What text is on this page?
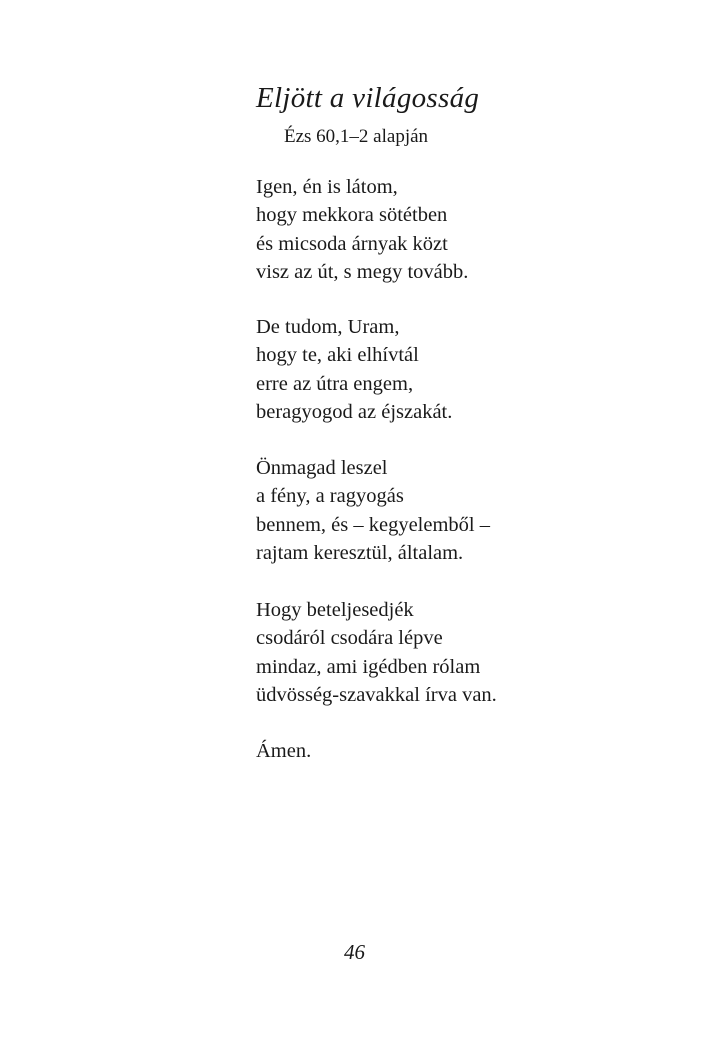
Eljött a világosság
Ézs 60,1–2 alapján
Igen, én is látom,
hogy mekkora sötétben
és micsoda árnyak közt
visz az út, s megy tovább.
De tudom, Uram,
hogy te, aki elhívtál
erre az útra engem,
beragyogod az éjszakát.
Önmagad leszel
a fény, a ragyogás
bennem, és – kegyelemből –
rajtam keresztül, általam.
Hogy beteljesedjék
csodáról csodára lépve
mindaz, ami igédben rólam
üdvösség-szavakkal írva van.
Ámen.
46
